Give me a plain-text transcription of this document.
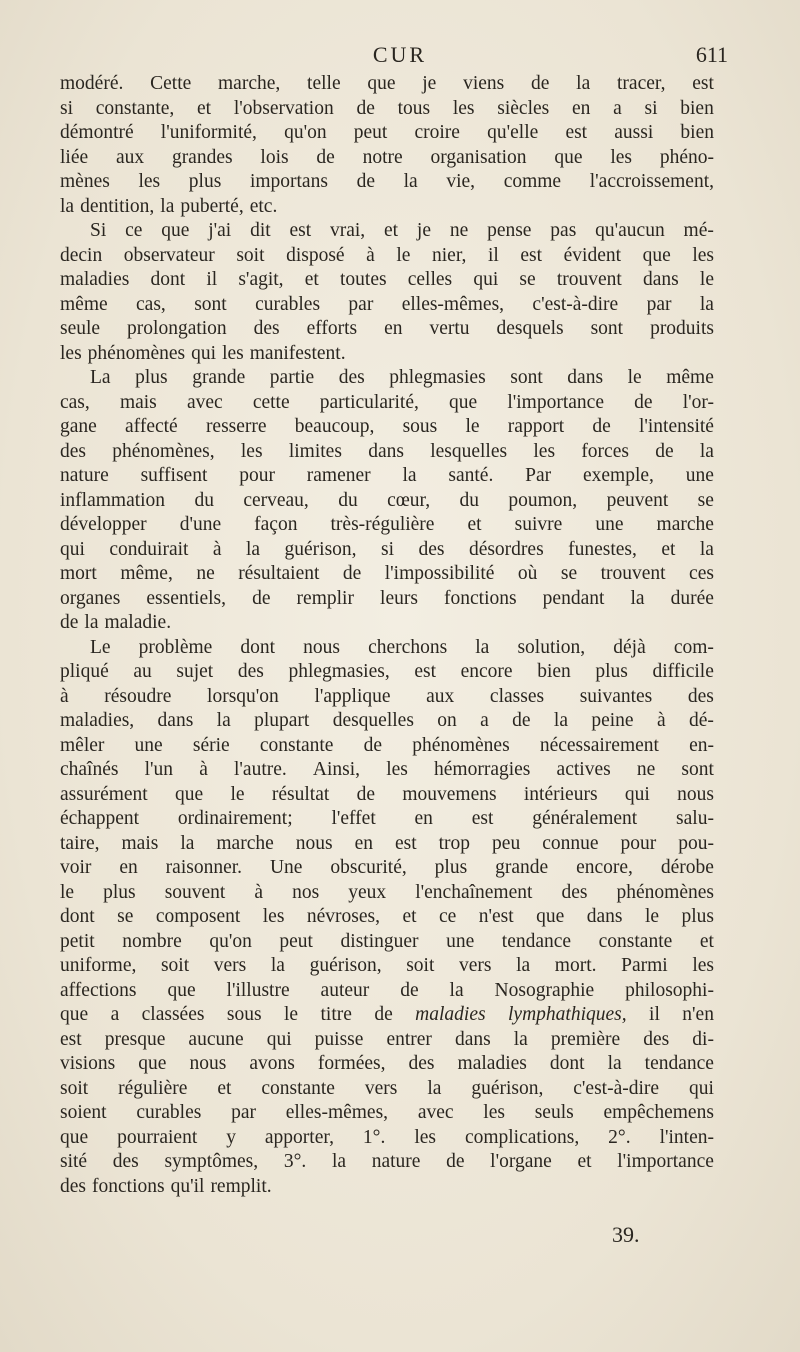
CUR	611
modéré. Cette marche, telle que je viens de la tracer, est
si constante, et l'observation de tous les siècles en a si bien
démontré l'uniformité, qu'on peut croire qu'elle est aussi bien
liée aux grandes lois de notre organisation que les phéno-
mènes les plus importans de la vie, comme l'accroissement,
la dentition, la puberté, etc.
Si ce que j'ai dit est vrai, et je ne pense pas qu'aucun mé-
decin observateur soit disposé à le nier, il est évident que les
maladies dont il s'agit, et toutes celles qui se trouvent dans le
même cas, sont curables par elles-mêmes, c'est-à-dire par la
seule prolongation des efforts en vertu desquels sont produits
les phénomènes qui les manifestent.
La plus grande partie des phlegmasies sont dans le même
cas, mais avec cette particularité, que l'importance de l'or-
gane affecté resserre beaucoup, sous le rapport de l'intensité
des phénomènes, les limites dans lesquelles les forces de la
nature suffisent pour ramener la santé. Par exemple, une
inflammation du cerveau, du cœur, du poumon, peuvent se
développer d'une façon très-régulière et suivre une marche
qui conduirait à la guérison, si des désordres funestes, et la
mort même, ne résultaient de l'impossibilité où se trouvent ces
organes essentiels, de remplir leurs fonctions pendant la durée
de la maladie.
Le problème dont nous cherchons la solution, déjà com-
pliqué au sujet des phlegmasies, est encore bien plus difficile
à résoudre lorsqu'on l'applique aux classes suivantes des
maladies, dans la plupart desquelles on a de la peine à dé-
mêler une série constante de phénomènes nécessairement en-
chaînés l'un à l'autre. Ainsi, les hémorragies actives ne sont
assurément que le résultat de mouvemens intérieurs qui nous
échappent ordinairement; l'effet en est généralement salu-
taire, mais la marche nous en est trop peu connue pour pou-
voir en raisonner. Une obscurité, plus grande encore, dérobe
le plus souvent à nos yeux l'enchaînement des phénomènes
dont se composent les névroses, et ce n'est que dans le plus
petit nombre qu'on peut distinguer une tendance constante et
uniforme, soit vers la guérison, soit vers la mort. Parmi les
affections que l'illustre auteur de la Nosographie philosophi-
que a classées sous le titre de maladies lymphathiques, il n'en
est presque aucune qui puisse entrer dans la première des di-
visions que nous avons formées, des maladies dont la tendance
soit régulière et constante vers la guérison, c'est-à-dire qui
soient curables par elles-mêmes, avec les seuls empêchemens
que pourraient y apporter, 1°. les complications, 2°. l'inten-
sité des symptômes, 3°. la nature de l'organe et l'importance
des fonctions qu'il remplit.
39.
